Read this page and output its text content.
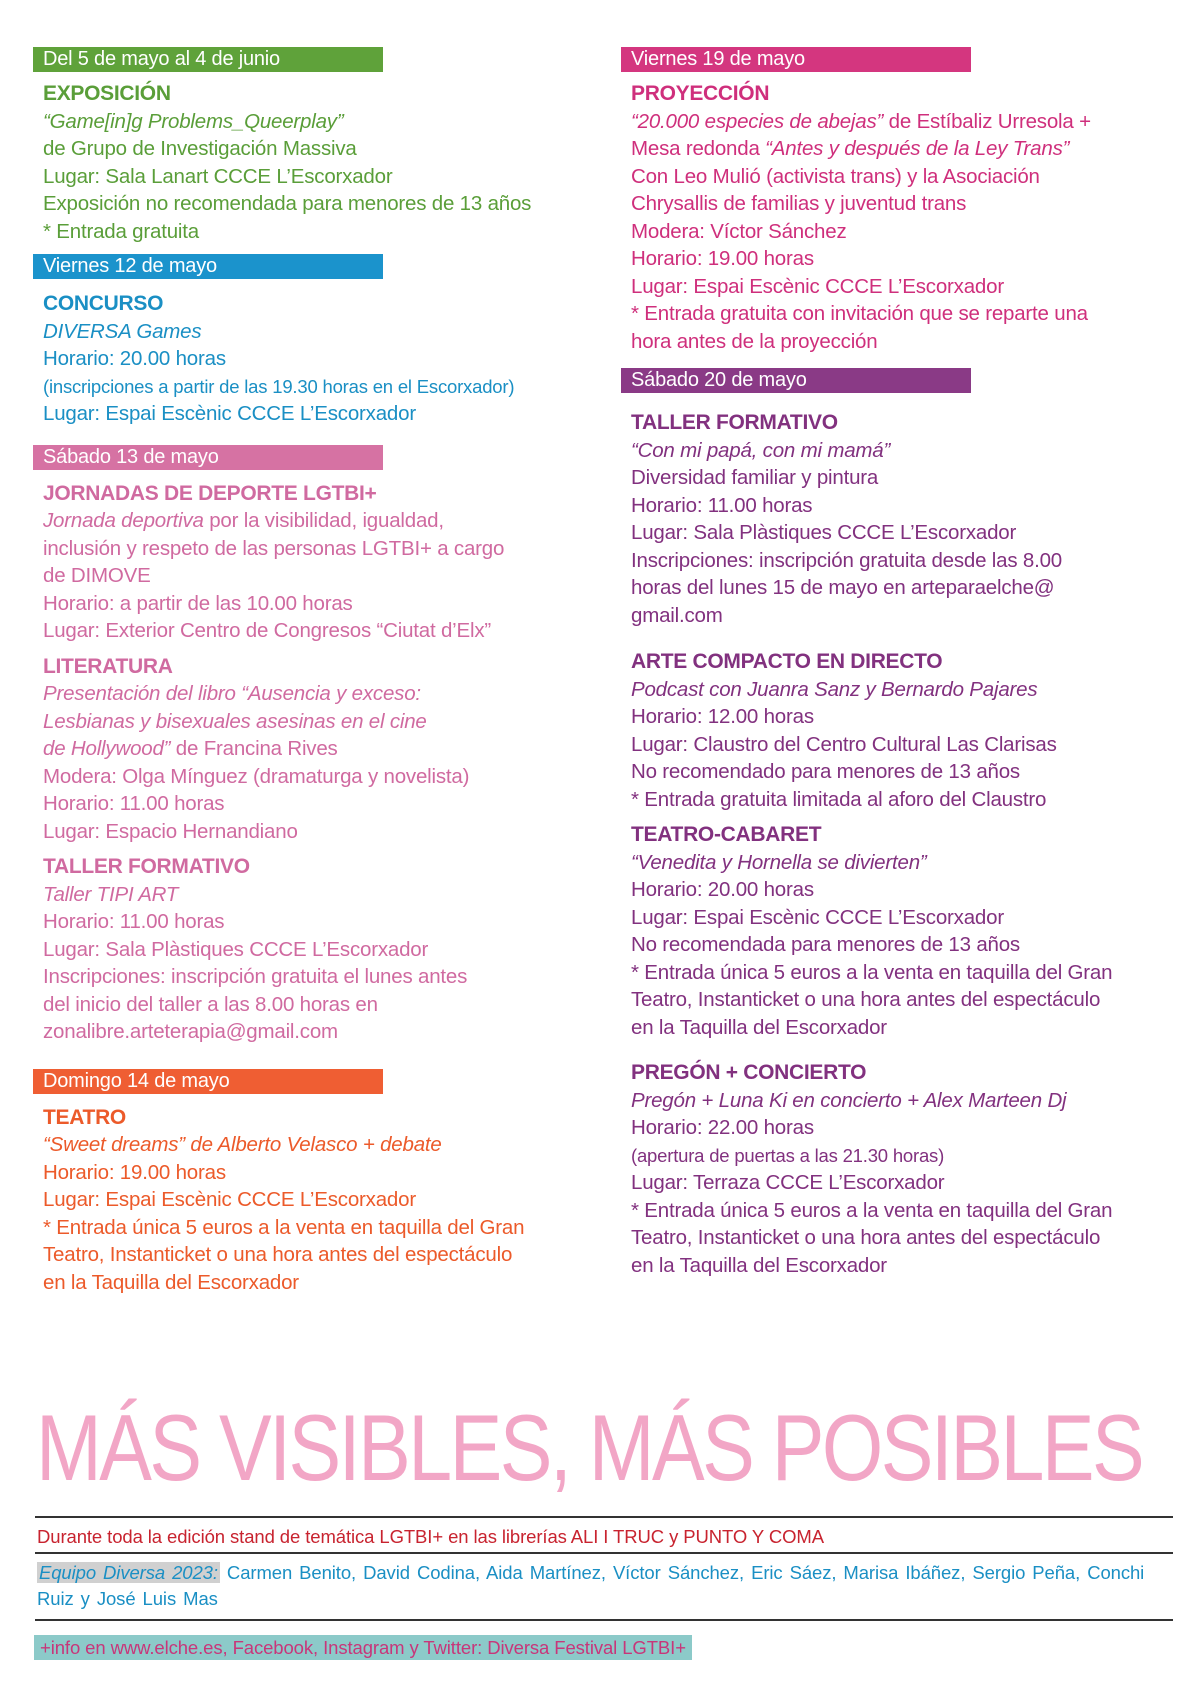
Del 5 de mayo al 4 de junio
EXPOSICIÓN
“Game[in]g Problems_Queerplay”
de Grupo de Investigación Massiva
Lugar: Sala Lanart CCCE L’Escorxador
Exposición no recomendada para menores de 13 años
* Entrada gratuita
Viernes 12 de mayo
CONCURSO
DIVERSA Games
Horario: 20.00 horas
(inscripciones a partir de las 19.30 horas en el Escorxador)
Lugar: Espai Escènic CCCE L’Escorxador
Sábado 13 de mayo
JORNADAS DE DEPORTE LGTBI+
Jornada deportiva por la visibilidad, igualdad,
inclusión y respeto de las personas LGTBI+ a cargo
de DIMOVE
Horario: a partir de las 10.00 horas
Lugar: Exterior Centro de Congresos “Ciutat d’Elx”
LITERATURA
Presentación del libro “Ausencia y exceso:
Lesbianas y bisexuales asesinas en el cine
de Hollywood” de Francina Rives
Modera: Olga Mínguez (dramaturga y novelista)
Horario: 11.00 horas
Lugar: Espacio Hernandiano
TALLER FORMATIVO
Taller TIPI ART
Horario: 11.00 horas
Lugar: Sala Plàstiques CCCE L’Escorxador
Inscripciones: inscripción gratuita el lunes antes
del inicio del taller a las 8.00 horas en
zonalibre.arteterapia@gmail.com
Domingo 14 de mayo
TEATRO
“Sweet dreams” de Alberto Velasco + debate
Horario: 19.00 horas
Lugar: Espai Escènic CCCE L’Escorxador
* Entrada única 5 euros a la venta en taquilla del Gran
Teatro, Instanticket o una hora antes del espectáculo
en la Taquilla del Escorxador
Viernes 19 de mayo
PROYECCIÓN
“20.000 especies de abejas” de Estíbaliz Urresola +
Mesa redonda “Antes y después de la Ley Trans”
Con Leo Mulió (activista trans) y la Asociación
Chrysallis de familias y juventud trans
Modera: Víctor Sánchez
Horario: 19.00 horas
Lugar: Espai Escènic CCCE L’Escorxador
* Entrada gratuita con invitación que se reparte una
hora antes de la proyección
Sábado 20 de mayo
TALLER FORMATIVO
“Con mi papá, con mi mamá”
Diversidad familiar y pintura
Horario: 11.00 horas
Lugar: Sala Plàstiques CCCE L’Escorxador
Inscripciones: inscripción gratuita desde las 8.00
horas del lunes 15 de mayo en arteparaelche@
gmail.com
ARTE COMPACTO EN DIRECTO
Podcast con Juanra Sanz y Bernardo Pajares
Horario: 12.00 horas
Lugar: Claustro del Centro Cultural Las Clarisas
No recomendado para menores de 13 años
* Entrada gratuita limitada al aforo del Claustro
TEATRO-CABARET
“Venedita y Hornella se divierten”
Horario: 20.00 horas
Lugar: Espai Escènic CCCE L’Escorxador
No recomendada para menores de 13 años
* Entrada única 5 euros a la venta en taquilla del Gran
Teatro, Instanticket o una hora antes del espectáculo
en la Taquilla del Escorxador
PREGÓN + CONCIERTO
Pregón + Luna Ki en concierto + Alex Marteen Dj
Horario: 22.00 horas
(apertura de puertas a las 21.30 horas)
Lugar: Terraza CCCE L’Escorxador
* Entrada única 5 euros a la venta en taquilla del Gran
Teatro, Instanticket o una hora antes del espectáculo
en la Taquilla del Escorxador
MÁS VISIBLES, MÁS POSIBLES
Durante toda la edición stand de temática LGTBI+ en las librerías ALI I TRUC y PUNTO Y COMA
Equipo Diversa 2023: Carmen Benito, David Codina, Aida Martínez, Víctor Sánchez, Eric Sáez, Marisa Ibáñez, Sergio Peña, Conchi Ruiz y José Luis Mas
+info en www.elche.es, Facebook, Instagram y Twitter: Diversa Festival LGTBI+
